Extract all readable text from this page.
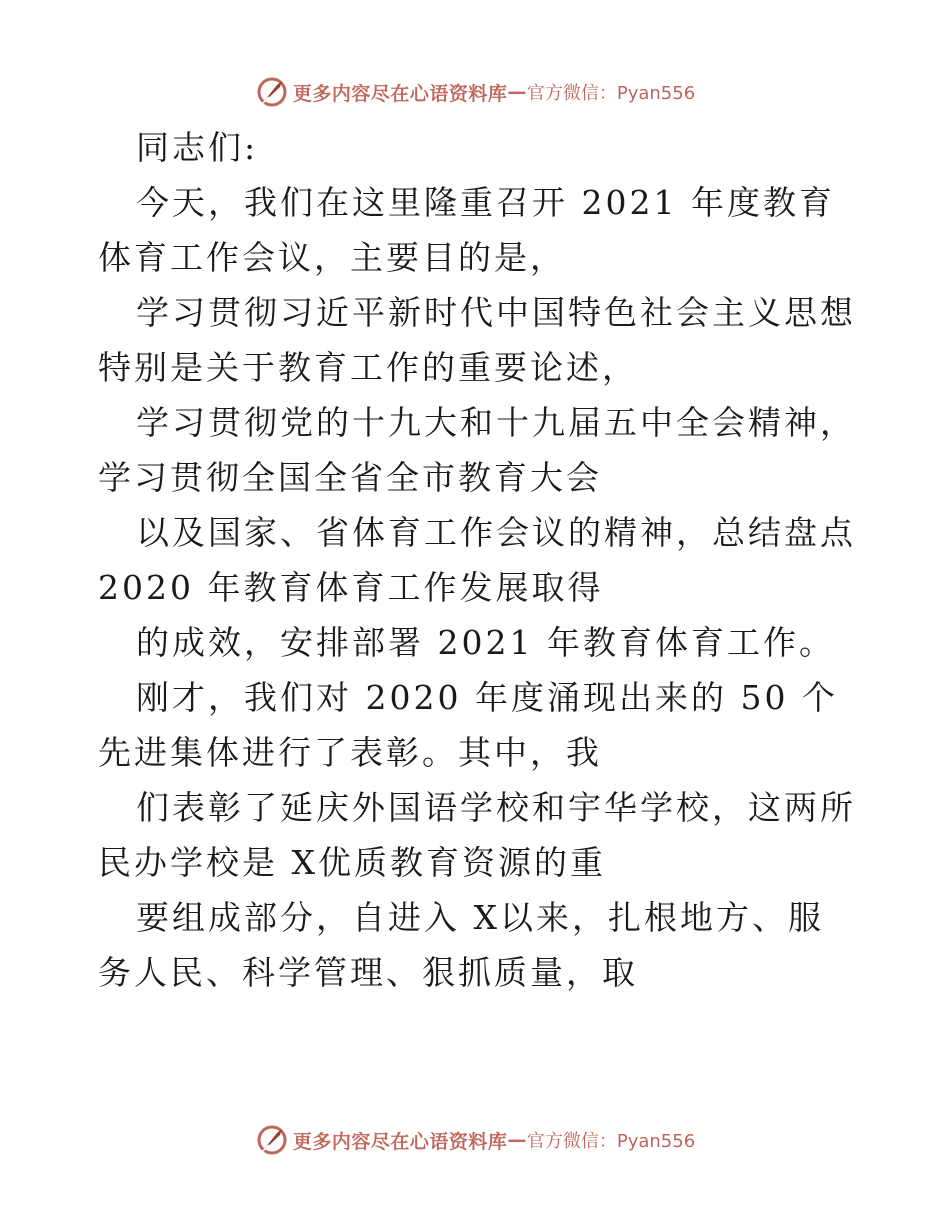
更多内容尽在心语资料库 — 官方微信：Pyan556

同志们:

今天，我们在这里隆重召开 2021 年度教育体育工作会议，主要目的是，

学习贯彻习近平新时代中国特色社会主义思想特别是关于教育工作的重要论述，

学习贯彻党的十九大和十九届五中全会精神，学习贯彻全国全省全市教育大会

以及国家、省体育工作会议的精神，总结盘点 2020 年教育体育工作发展取得

的成效，安排部署 2021 年教育体育工作。

刚才，我们对 2020 年度涌现出来的 50 个先进集体进行了表彰。其中，我

们表彰了延庆外国语学校和宇华学校，这两所民办学校是 X优质教育资源的重

要组成部分，自进入 X以来，扎根地方、服务人民、科学管理、狠抓质量，取

更多内容尽在心语资料库 — 官方微信：Pyan556
